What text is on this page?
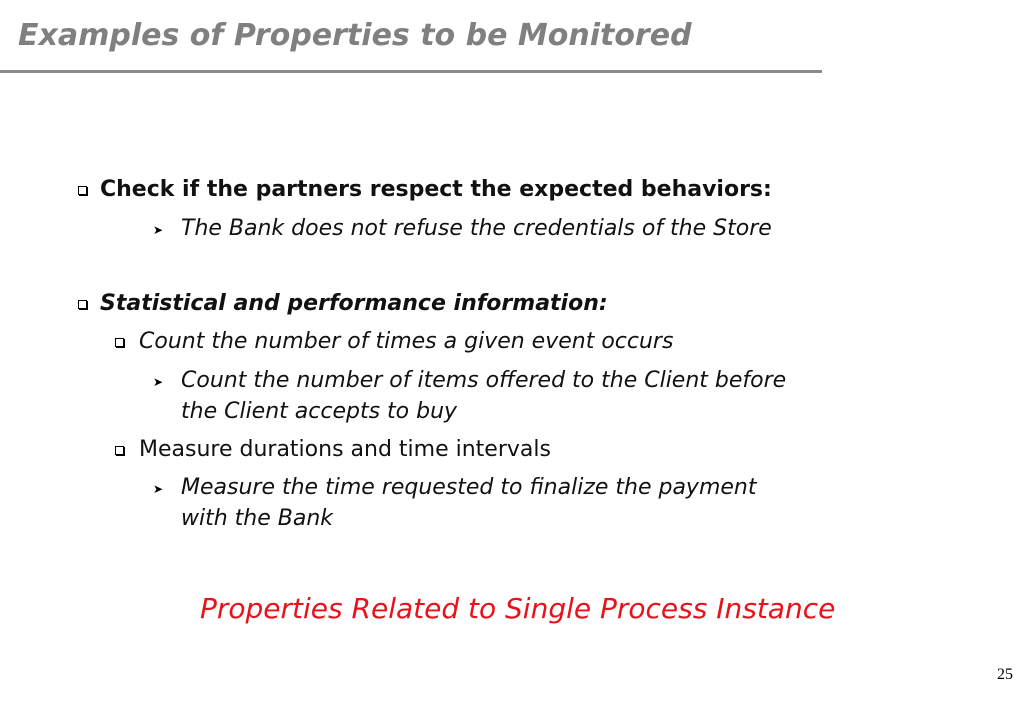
Examples of Properties to be Monitored
Check if the partners respect the expected behaviors:
➤ The Bank does not refuse the credentials of the Store
Statistical and performance information:
Count the number of times a given event occurs
➤ Count the number of items offered to the Client before
the Client accepts to buy
Measure durations and time intervals
➤ Measure the time requested to finalize the payment
with the Bank
Properties Related to Single Process Instance
25
